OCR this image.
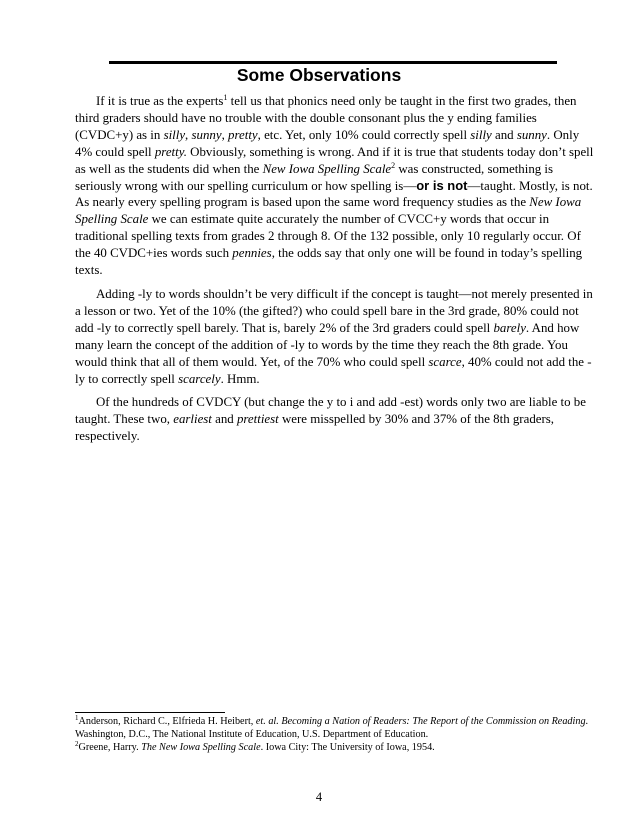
Some Observations

If it is true as the experts$^1$ tell us that phonics need only be taught in the first two grades, then third graders should have no trouble with the double consonant plus the y ending families (CVDC+y) as in silly, sunny, pretty, etc. Yet, only 10% could correctly spell silly and sunny. Only 4% could spell pretty. Obviously, something is wrong. And if it is true that students today don’t spell as well as the students did when the New Iowa Spelling Scale$^2$ was constructed, something is seriously wrong with our spelling curriculum or how spelling is—or is not—taught. Mostly, is not. As nearly every spelling program is based upon the same word frequency studies as the New Iowa Spelling Scale we can estimate quite accurately the number of CVCC+y words that occur in traditional spelling texts from grades 2 through 8. Of the 132 possible, only 10 regularly occur. Of the 40 CVDC+ies words such pennies, the odds say that only one will be found in today’s spelling texts.

Adding -ly to words shouldn’t be very difficult if the concept is taught—not merely presented in a lesson or two. Yet of the 10% (the gifted?) who could spell bare in the 3rd grade, 80% could not add -ly to correctly spell barely. That is, barely 2% of the 3rd graders could spell barely. And how many learn the concept of the addition of -ly to words by the time they reach the 8th grade. You would think that all of them would. Yet, of the 70% who could spell scarce, 40% could not add the -ly to correctly spell scarcely. Hmm.

Of the hundreds of CVDCY (but change the y to i and add -est) words only two are liable to be taught. These two, earliest and prettiest were misspelled by 30% and 37% of the 8th graders, respectively.

$^1$Anderson, Richard C., Elfrieda H. Heibert, et. al. Becoming a Nation of Readers: The Report of the Commission on Reading. Washington, D.C., The National Institute of Education, U.S. Department of Education.

$^2$Greene, Harry. The New Iowa Spelling Scale. Iowa City: The University of Iowa, 1954.

4
